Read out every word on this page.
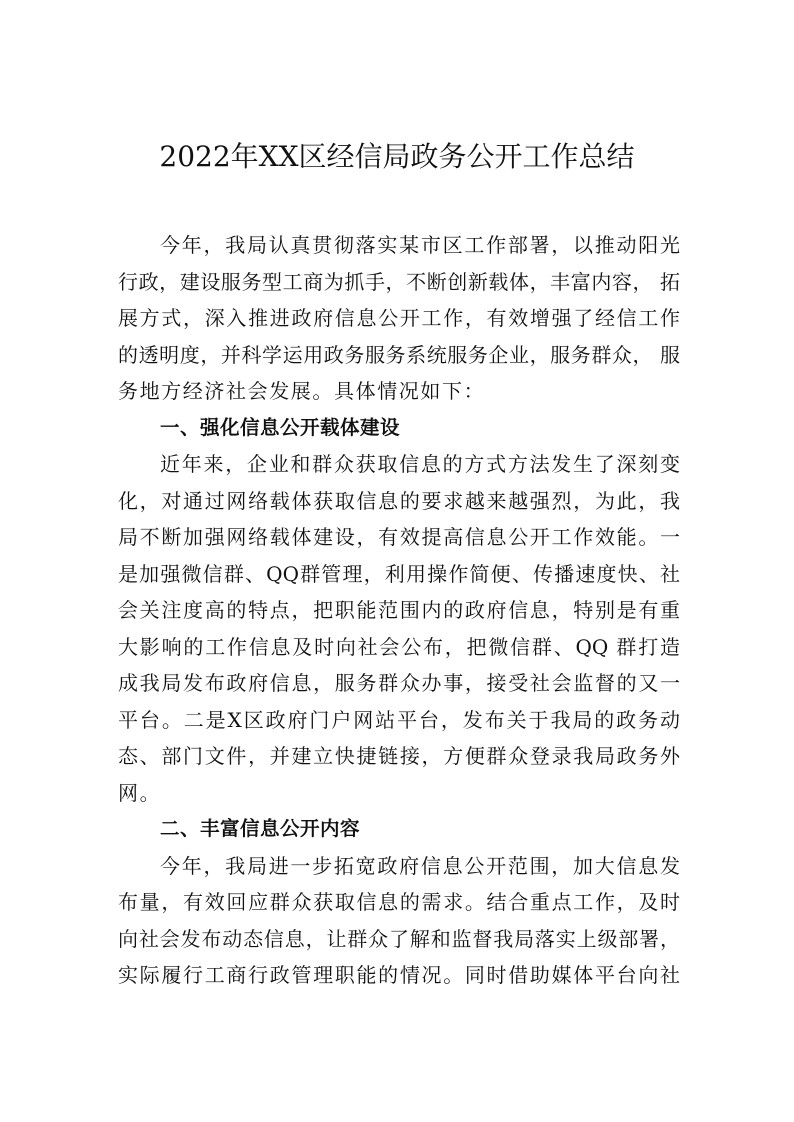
2022年XX区经信局政务公开工作总结
今年，我局认真贯彻落实某市区工作部署，以推动阳光
行政，建设服务型工商为抓手，不断创新载体，丰富内容， 拓
展方式，深入推进政府信息公开工作，有效增强了经信工作
的透明度，并科学运用政务服务系统服务企业，服务群众， 服
务地方经济社会发展。具体情况如下：
一、强化信息公开载体建设
近年来，企业和群众获取信息的方式方法发生了深刻变
化，对通过网络载体获取信息的要求越来越强烈，为此，我
局不断加强网络载体建设，有效提高信息公开工作效能。一
是加强微信群、QQ群管理，利用操作简便、传播速度快、社
会关注度高的特点，把职能范围内的政府信息，特别是有重
大影响的工作信息及时向社会公布，把微信群、QQ 群打造
成我局发布政府信息，服务群众办事，接受社会监督的又一
平台。二是X区政府门户网站平台，发布关于我局的政务动
态、部门文件，并建立快捷链接，方便群众登录我局政务外
网。
二、丰富信息公开内容
今年，我局进一步拓宽政府信息公开范围，加大信息发
布量，有效回应群众获取信息的需求。结合重点工作，及时
向社会发布动态信息，让群众了解和监督我局落实上级部署，
实际履行工商行政管理职能的情况。同时借助媒体平台向社
